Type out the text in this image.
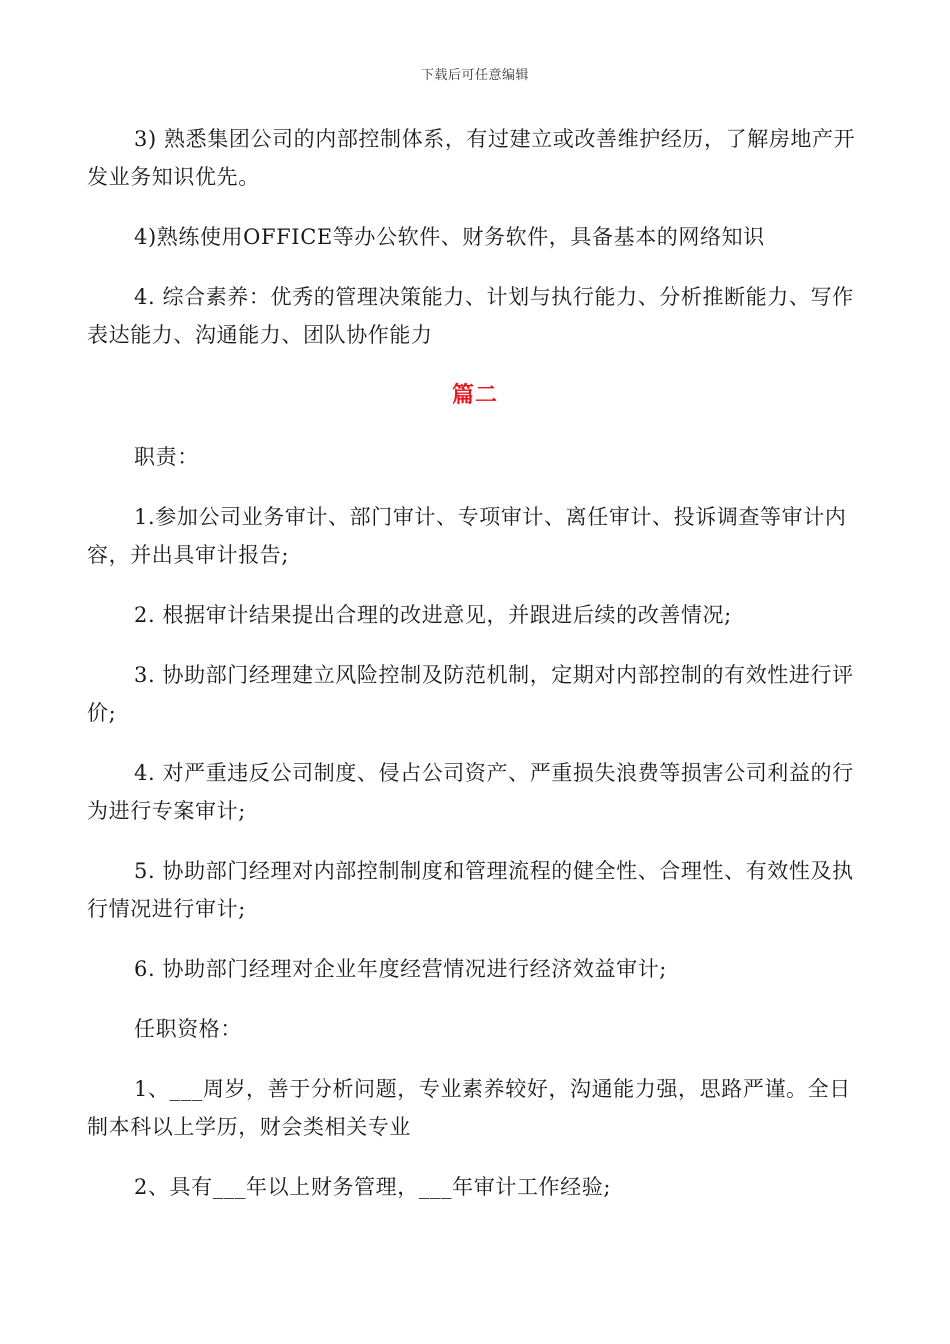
下载后可任意编辑

3) 熟悉集团公司的内部控制体系，有过建立或改善维护经历，了解房地产开发业务知识优先。

4)熟练使用OFFICE等办公软件、财务软件，具备基本的网络知识

4. 综合素养：优秀的管理决策能力、计划与执行能力、分析推断能力、写作表达能力、沟通能力、团队协作能力

篇二

职责：

1.参加公司业务审计、部门审计、专项审计、离任审计、投诉调查等审计内容，并出具审计报告;

2. 根据审计结果提出合理的改进意见，并跟进后续的改善情况;

3. 协助部门经理建立风险控制及防范机制，定期对内部控制的有效性进行评价;

4. 对严重违反公司制度、侵占公司资产、严重损失浪费等损害公司利益的行为进行专案审计;

5. 协助部门经理对内部控制制度和管理流程的健全性、合理性、有效性及执行情况进行审计;

6. 协助部门经理对企业年度经营情况进行经济效益审计;

任职资格：

1、___周岁，善于分析问题，专业素养较好，沟通能力强，思路严谨。全日制本科以上学历，财会类相关专业

2、具有___年以上财务管理，___年审计工作经验;
